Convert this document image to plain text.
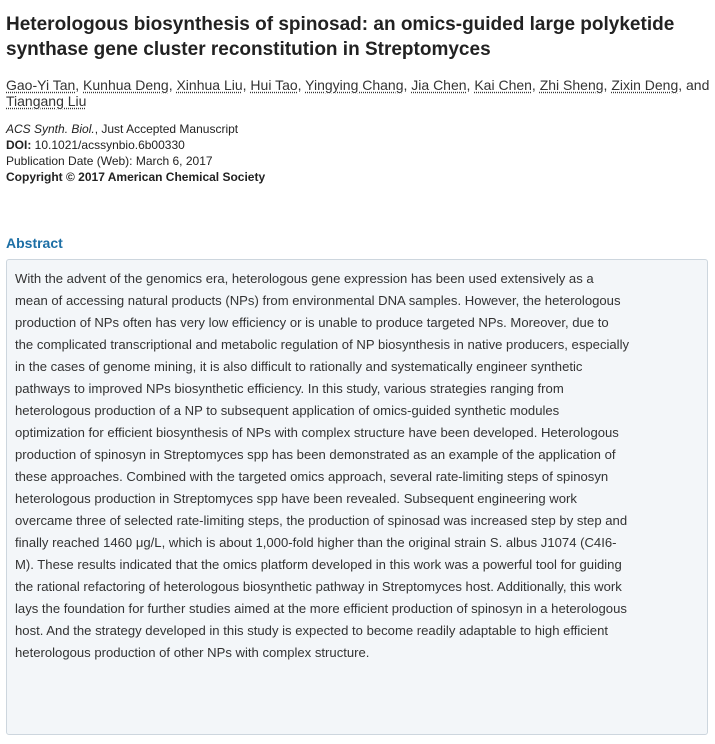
Heterologous biosynthesis of spinosad: an omics-guided large polyketide synthase gene cluster reconstitution in Streptomyces
Gao-Yi Tan, Kunhua Deng, Xinhua Liu, Hui Tao, Yingying Chang, Jia Chen, Kai Chen, Zhi Sheng, Zixin Deng, and Tiangang Liu
ACS Synth. Biol., Just Accepted Manuscript
DOI: 10.1021/acssynbio.6b00330
Publication Date (Web): March 6, 2017
Copyright © 2017 American Chemical Society
Abstract

With the advent of the genomics era, heterologous gene expression has been used extensively as a mean of accessing natural products (NPs) from environmental DNA samples. However, the heterologous production of NPs often has very low efficiency or is unable to produce targeted NPs. Moreover, due to the complicated transcriptional and metabolic regulation of NP biosynthesis in native producers, especially in the cases of genome mining, it is also difficult to rationally and systematically engineer synthetic pathways to improved NPs biosynthetic efficiency. In this study, various strategies ranging from heterologous production of a NP to subsequent application of omics-guided synthetic modules optimization for efficient biosynthesis of NPs with complex structure have been developed. Heterologous production of spinosyn in Streptomyces spp has been demonstrated as an example of the application of these approaches. Combined with the targeted omics approach, several rate-limiting steps of spinosyn heterologous production in Streptomyces spp have been revealed. Subsequent engineering work overcame three of selected rate-limiting steps, the production of spinosad was increased step by step and finally reached 1460 μg/L, which is about 1,000-fold higher than the original strain S. albus J1074 (C4I6-M). These results indicated that the omics platform developed in this work was a powerful tool for guiding the rational refactoring of heterologous biosynthetic pathway in Streptomyces host. Additionally, this work lays the foundation for further studies aimed at the more efficient production of spinosyn in a heterologous host. And the strategy developed in this study is expected to become readily adaptable to high efficient heterologous production of other NPs with complex structure.
